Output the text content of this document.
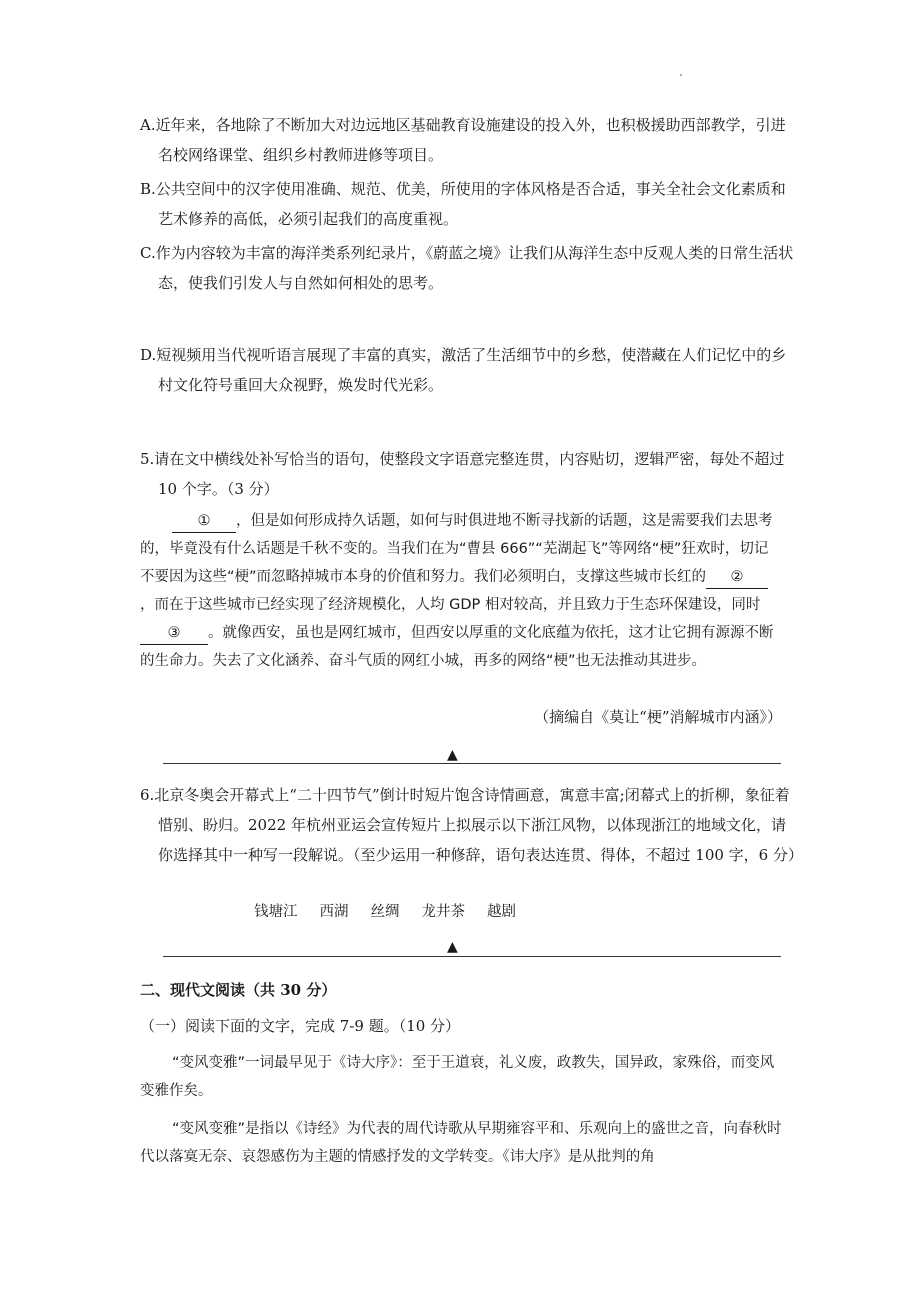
A.近年来，各地除了不断加大对边远地区基础教育设施建设的投入外，也积极援助西部教学，引进名校网络课堂、组织乡村教师进修等项目。
B.公共空间中的汉字使用准确、规范、优美，所使用的字体风格是否合适，事关全社会文化素质和艺术修养的高低，必须引起我们的高度重视。
C.作为内容较为丰富的海洋类系列纪录片，《蔚蓝之境》让我们从海洋生态中反观人类的日常生活状态，使我们引发人与自然如何相处的思考。
D.短视频用当代视听语言展现了丰富的真实，激活了生活细节中的乡愁，使潜藏在人们记忆中的乡村文化符号重回大众视野，焕发时代光彩。
5.请在文中横线处补写恰当的语句，使整段文字语意完整连贯，内容贴切，逻辑严密，每处不超过 10 个字。（3 分）
① ，但是如何形成持久话题，如何与时俱进地不断寻找新的话题，这是需要我们去思考的，毕竟没有什么话题是千秋不变的。当我们在为“曹县 666”“芜湖起飞”等网络“梗”狂欢时，切记不要因为这些“梗”而忽略掉城市本身的价值和努力。我们必须明白，支撑这些城市长红的 ②，而在于这些城市已经实现了经济规模化，人均 GDP 相对较高，并且致力于生态环保建设，同时③ 。就像西安，虽也是网红城市，但西安以厚重的文化底蕴为依托，这才让它拥有源源不断的生命力。失去了文化涵养、奋斗气质的网红小城，再多的网络“梗”也无法推动其进步。
（摘编自《莫让“梗”消解城市内涵》）
▲
6.北京冬奥会开幕式上“二十四节气”倒计时短片饱含诗情画意，寓意丰富;闭幕式上的折柳，象征着惜别、盼归。2022 年杭州亚运会宣传短片上拟展示以下浙江风物，以体现浙江的地域文化，请你选择其中一种写一段解说。（至少运用一种修辞，语句表达连贯、得体，不超过 100 字，6 分）
钱塘江 西湖 丝绸 龙井茶 越剧
▲
二、现代文阅读（共 30 分）
（一）阅读下面的文字，完成 7-9 题。（10 分）
“变风变雅”一词最早见于《诗大序》：至于王道衰，礼义废，政教失，国异政，家殊俗，而变风变雅作矣。
“变风变雅”是指以《诗经》为代表的周代诗歌从早期雍容平和、乐观向上的盛世之音，向春秋时代以落寞无奈、哀怨感伤为主题的情感抒发的文学转变。《讳大序》是从批判的角
